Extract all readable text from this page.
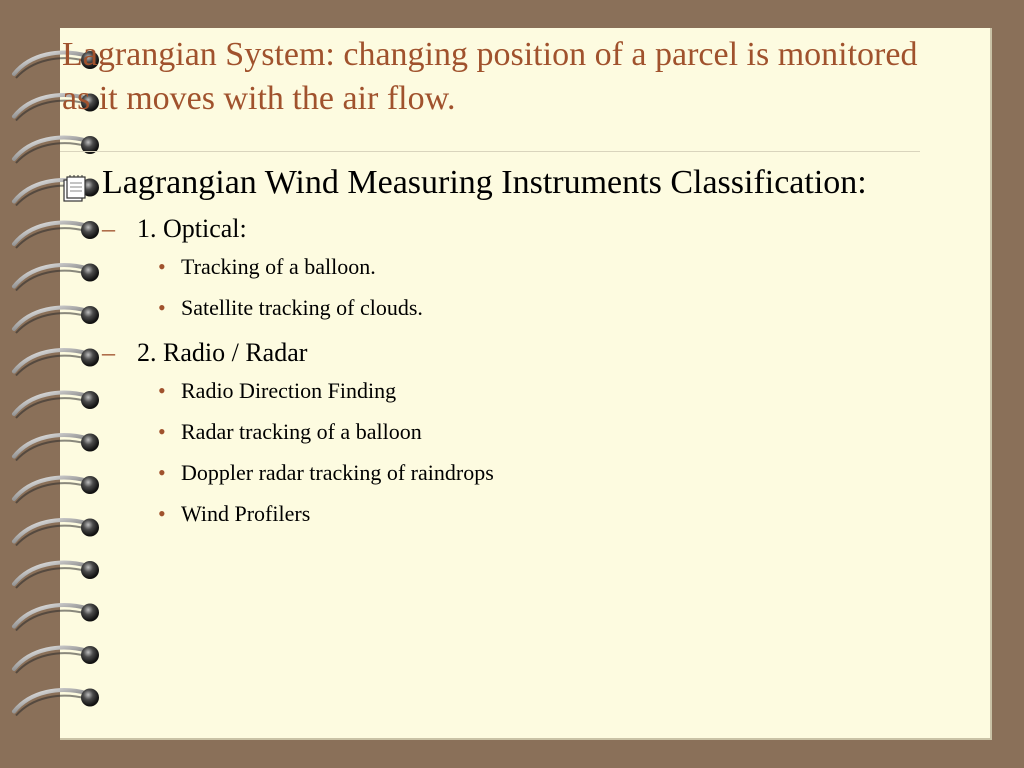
Lagrangian System: changing position of a parcel is monitored as it moves with the air flow.
Lagrangian Wind Measuring Instruments Classification:
– 1. Optical:
• Tracking of a balloon.
• Satellite tracking of clouds.
– 2. Radio / Radar
• Radio Direction Finding
• Radar tracking of a balloon
• Doppler radar tracking of raindrops
• Wind Profilers
